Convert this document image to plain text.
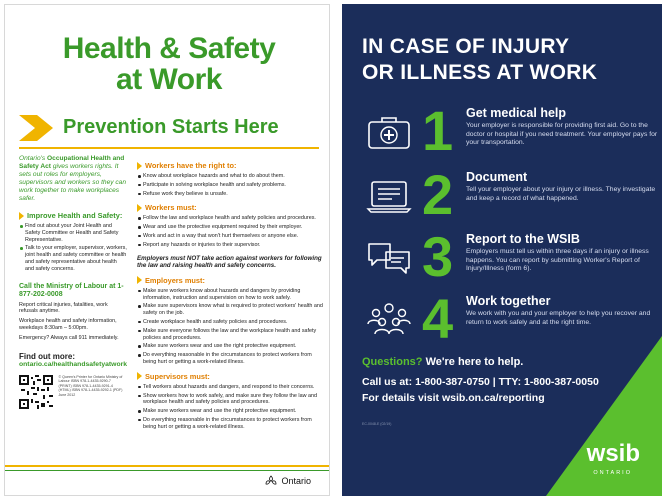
Health & Safety
at Work
Prevention Starts Here
Ontario's Occupational Health and Safety Act gives workers rights. It sets out roles for employers, supervisors and workers so they can work together to make workplaces safer.
Improve Health and Safety:
Find out about your Joint Health and Safety Committee or Health and Safety Representative.
Talk to your employer, supervisor, workers, joint health and safety committee or health and safety representative about health and safety concerns.
Call the Ministry of Labour at 1-877-202-0008
Report critical injuries, fatalities, work refusals anytime.
Workplace health and safety information, weekdays 8:30am – 5:00pm.
Emergency? Always call 911 immediately.
Find out more:
ontario.ca/healthandsafetyatwork
© Queen's Printer for Ontario Ministry of Labour ISBN 978-1-4435-9290-7 (PRINT) ISBN 978-1-4435-9291-4 (HTML) ISBN 978-1-4435-9292-1 (PDF) June 2012
Workers have the right to:
Know about workplace hazards and what to do about them.
Participate in solving workplace health and safety problems.
Refuse work they believe is unsafe.
Workers must:
Follow the law and workplace health and safety policies and procedures.
Wear and use the protective equipment required by their employer.
Work and act in a way that won't hurt themselves or anyone else.
Report any hazards or injuries to their supervisor.
Employers must NOT take action against workers for following the law and raising health and safety concerns.
Employers must:
Make sure workers know about hazards and dangers by providing information, instruction and supervision on how to work safely.
Make sure supervisors know what is required to protect workers' health and safety on the job.
Create workplace health and safety policies and procedures.
Make sure everyone follows the law and the workplace health and safety policies and procedures.
Make sure workers wear and use the right protective equipment.
Do everything reasonable in the circumstances to protect workers from being hurt or getting a work-related illness.
Supervisors must:
Tell workers about hazards and dangers, and respond to their concerns.
Show workers how to work safely, and make sure they follow the law and workplace health and safety policies and procedures.
Make sure workers wear and use the right protective equipment.
Do everything reasonable in the circumstances to protect workers from being hurt or getting a work-related illness.
Ontario
IN CASE OF INJURY
OR ILLNESS AT WORK
1 Get medical help
Your employer is responsible for providing first aid. Go to the doctor or hospital if you need treatment. Your employer pays for your transportation.
2 Document
Tell your employer about your injury or illness. They investigate and keep a record of what happened.
3 Report to the WSIB
Employers must tell us within three days if an injury or illness happens. You can report by submitting Worker's Report of Injury/Illness (form 6).
4 Work together
We work with you and your employer to help you recover and return to work safely and at the right time.
Questions? We're here to help.
Call us at: 1-800-387-0750 | TTY: 1-800-387-0050
For details visit wsib.on.ca/reporting
EC-0048-E (02/19)
wsib
ONTARIO
